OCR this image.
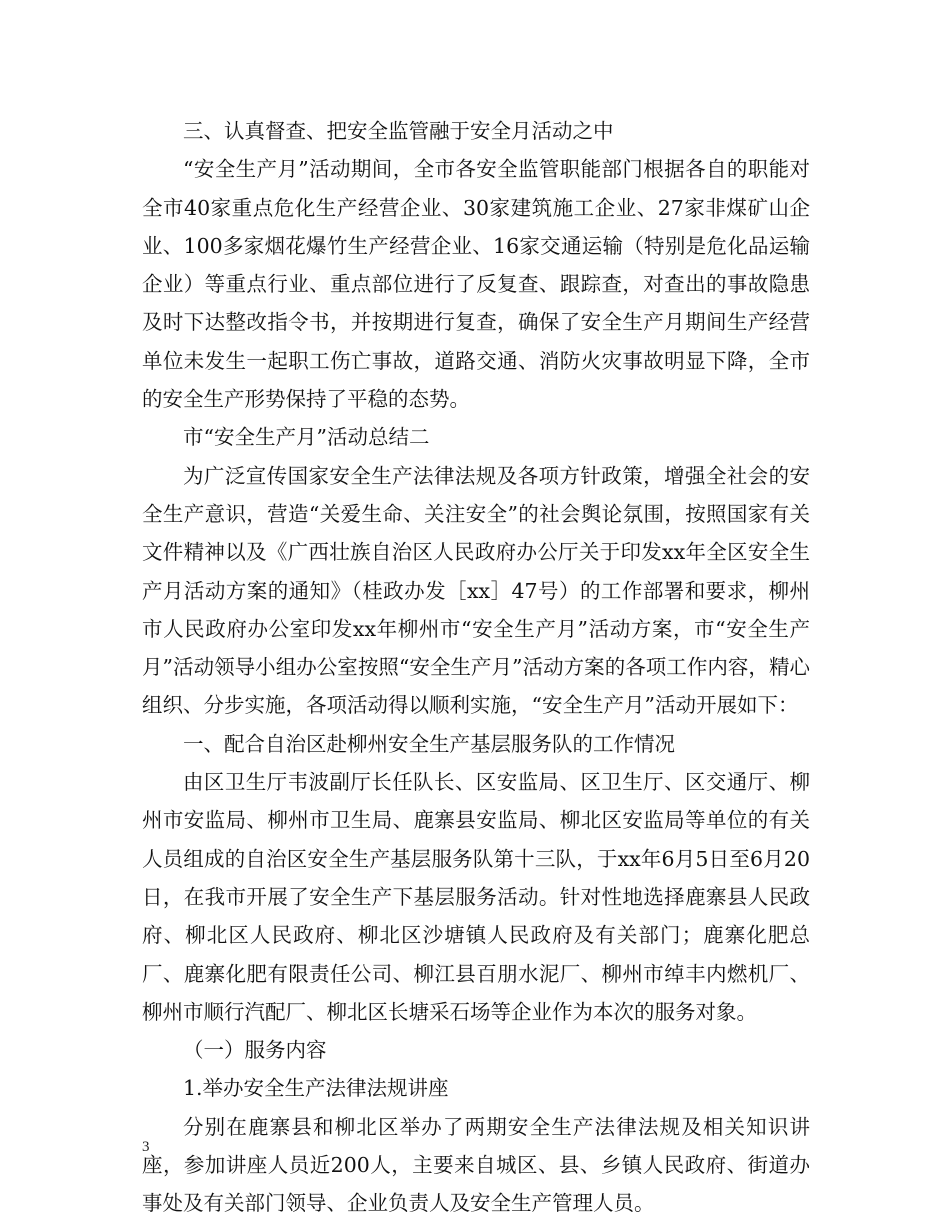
三、认真督查、把安全监管融于安全月活动之中

“安全生产月”活动期间，全市各安全监管职能部门根据各自的职能对全市40家重点危化生产经营企业、30家建筑施工企业、27家非煤矿山企业、100多家烟花爆竹生产经营企业、16家交通运输（特别是危化品运输企业）等重点行业、重点部位进行了反复查、跟踪查，对查出的事故隐患及时下达整改指令书，并按期进行复查，确保了安全生产月期间生产经营单位未发生一起职工伤亡事故，道路交通、消防火灾事故明显下降，全市的安全生产形势保持了平稳的态势。

市“安全生产月”活动总结二

为广泛宣传国家安全生产法律法规及各项方针政策，增强全社会的安全生产意识，营造“关爱生命、关注安全”的社会舆论氛围，按照国家有关文件精神以及《广西壮族自治区人民政府办公厅关于印发xx年全区安全生产月活动方案的通知》（桂政办发［xx］47号）的工作部署和要求，柳州市人民政府办公室印发xx年柳州市“安全生产月”活动方案，市“安全生产月”活动领导小组办公室按照“安全生产月”活动方案的各项工作内容，精心组织、分步实施，各项活动得以顺利实施，“安全生产月”活动开展如下：

一、配合自治区赴柳州安全生产基层服务队的工作情况

由区卫生厅韦波副厅长任队长、区安监局、区卫生厅、区交通厅、柳州市安监局、柳州市卫生局、鹿寨县安监局、柳北区安监局等单位的有关人员组成的自治区安全生产基层服务队第十三队，于xx年6月5日至6月20日，在我市开展了安全生产下基层服务活动。针对性地选择鹿寨县人民政府、柳北区人民政府、柳北区沙塘镇人民政府及有关部门；鹿寨化肥总厂、鹿寨化肥有限责任公司、柳江县百朋水泥厂、柳州市绰丰内燃机厂、柳州市顺行汽配厂、柳北区长塘采石场等企业作为本次的服务对象。

（一）服务内容

1.举办安全生产法律法规讲座

分别在鹿寨县和柳北区举办了两期安全生产法律法规及相关知识讲座，参加讲座人员近200人，主要来自城区、县、乡镇人民政府、街道办事处及有关部门领导、企业负责人及安全生产管理人员。

3
